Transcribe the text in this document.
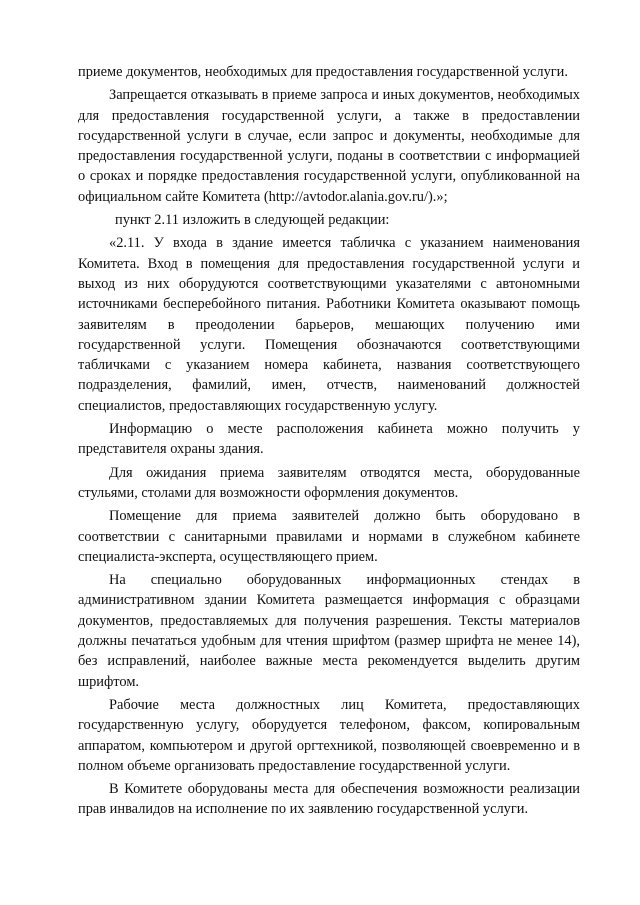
приеме документов, необходимых для предоставления государственной услуги.

Запрещается отказывать в приеме запроса и иных документов, необходимых для предоставления государственной услуги, а также в предоставлении государственной услуги в случае, если запрос и документы, необходимые для предоставления государственной услуги, поданы в соответствии с информацией о сроках и порядке предоставления государственной услуги, опубликованной на официальном сайте Комитета (http://avtodor.alania.gov.ru/).»;

пункт 2.11 изложить в следующей редакции:

«2.11. У входа в здание имеется табличка с указанием наименования Комитета. Вход в помещения для предоставления государственной услуги и выход из них оборудуются соответствующими указателями с автономными источниками бесперебойного питания. Работники Комитета оказывают помощь заявителям в преодолении барьеров, мешающих получению ими государственной услуги. Помещения обозначаются соответствующими табличками с указанием номера кабинета, названия соответствующего подразделения, фамилий, имен, отчеств, наименований должностей специалистов, предоставляющих государственную услугу.

Информацию о месте расположения кабинета можно получить у представителя охраны здания.

Для ожидания приема заявителям отводятся места, оборудованные стульями, столами для возможности оформления документов.

Помещение для приема заявителей должно быть оборудовано в соответствии с санитарными правилами и нормами в служебном кабинете специалиста-эксперта, осуществляющего прием.

На специально оборудованных информационных стендах в административном здании Комитета размещается информация с образцами документов, предоставляемых для получения разрешения. Тексты материалов должны печататься удобным для чтения шрифтом (размер шрифта не менее 14), без исправлений, наиболее важные места рекомендуется выделить другим шрифтом.

Рабочие места должностных лиц Комитета, предоставляющих государственную услугу, оборудуется телефоном, факсом, копировальным аппаратом, компьютером и другой оргтехникой, позволяющей своевременно и в полном объеме организовать предоставление государственной услуги.

В Комитете оборудованы места для обеспечения возможности реализации прав инвалидов на исполнение по их заявлению государственной услуги.
